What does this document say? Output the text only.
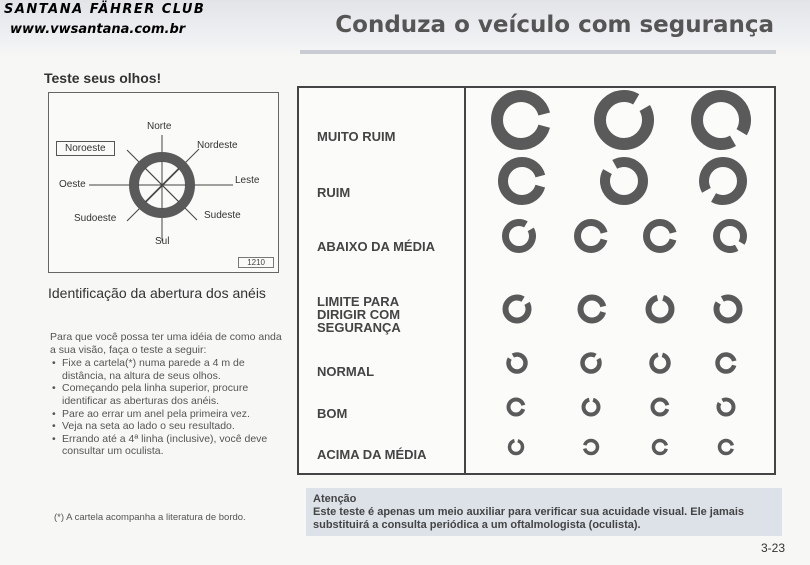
SANTANA FÄHRER CLUB
www.vwsantana.com.br	Conduza o veículo com segurança
Teste seus olhos!
Norte
Nordeste
Leste
Sudeste
Sul
Sudoeste
Oeste
Noroeste
1210
Identificação da abertura dos anéis

Para que você possa ter uma idéia de como anda a sua visão, faça o teste a seguir:

• Fixe a cartela(*) numa parede a 4 m de distância, na altura de seus olhos.
• Começando pela linha superior, procure identificar as aberturas dos anéis.
• Pare ao errar um anel pela primeira vez.
• Veja na seta ao lado o seu resultado.
• Errando até a 4ª linha (inclusive), você deve consultar um oculista.
(*) A cartela acompanha a literatura de bordo.
MUITO RUIM
RUIM
ABAIXO DA MÉDIA
LIMITE PARA DIRIGIR COM SEGURANÇA
NORMAL
BOM
ACIMA DA MÉDIA
Atenção
Este teste é apenas um meio auxiliar para verificar sua acuidade visual. Ele jamais substituirá a consulta periódica a um oftalmologista (oculista).
3-23
